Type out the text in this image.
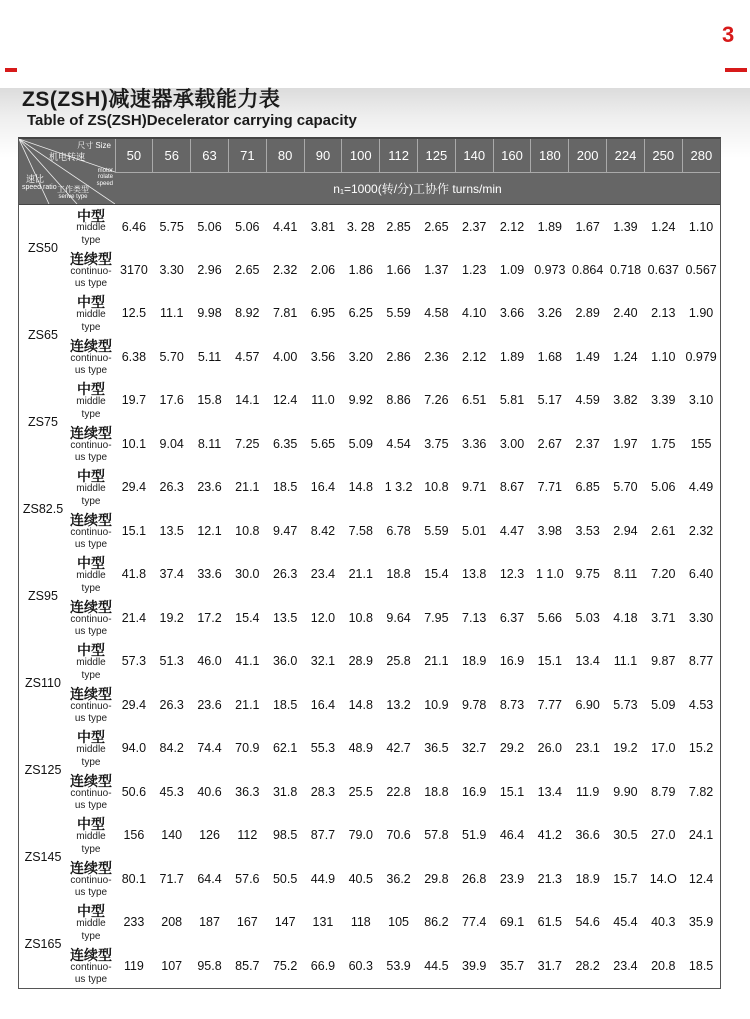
3
ZS(ZSH)减速器承载能力表
Table of ZS(ZSH)Decelerator carrying capacity
尺寸 Size
机电转速
motor rolate speed
速比
speed ratio 工作类型
serive type
	50	56	63	71	80	90	100	112	125	140	160	180	200	224	250	280
		n₁=1000(转/分)工协作 turns/min															
ZS50	中型
middle
type	6.46	5.75	5.06	5.06	4.41	3.81	3. 28	2.85	2.65	2.37	2.12	1.89	1.67	1.39	1.24	1.10

	连续型
continuo-
us type	3170	3.30	2.96	2.65	2.32	2.06	1.86	1.66	1.37	1.23	1.09	0.973	0.864	0.718	0.637	0.567
ZS65	中型
middle
type	12.5	11.1	9.98	8.92	7.81	6.95	6.25	5.59	4.58	4.10	3.66	3.26	2.89	2.40	2.13	1.90

	连续型
continuo-
us type	6.38	5.70	5.11	4.57	4.00	3.56	3.20	2.86	2.36	2.12	1.89	1.68	1.49	1.24	1.10	0.979
ZS75	中型
middle
type	19.7	17.6	15.8	14.1	12.4	11.0	9.92	8.86	7.26	6.51	5.81	5.17	4.59	3.82	3.39	3.10

	连续型
continuo-
us type	10.1	9.04	8.11	7.25	6.35	5.65	5.09	4.54	3.75	3.36	3.00	2.67	2.37	1.97	1.75	155
ZS82.5	中型
middle
type	29.4	26.3	23.6	21.1	18.5	16.4	14.8	1 3.2	10.8	9.71	8.67	7.71	6.85	5.70	5.06	4.49

	连续型
continuo-
us type	15.1	13.5	12.1	10.8	9.47	8.42	7.58	6.78	5.59	5.01	4.47	3.98	3.53	2.94	2.61	2.32
ZS95	中型
middle
type	41.8	37.4	33.6	30.0	26.3	23.4	21.1	18.8	15.4	13.8	12.3	1 1.0	9.75	8.11	7.20	6.40

	连续型
continuo-
us type	21.4	19.2	17.2	15.4	13.5	12.0	10.8	9.64	7.95	7.13	6.37	5.66	5.03	4.18	3.71	3.30
ZS110	中型
middle
type	57.3	51.3	46.0	41.1	36.0	32.1	28.9	25.8	21.1	18.9	16.9	15.1	13.4	11.1	9.87	8.77

	连续型
continuo-
us type	29.4	26.3	23.6	21.1	18.5	16.4	14.8	13.2	10.9	9.78	8.73	7.77	6.90	5.73	5.09	4.53
ZS125	中型
middle
type	94.0	84.2	74.4	70.9	62.1	55.3	48.9	42.7	36.5	32.7	29.2	26.0	23.1	19.2	17.0	15.2

	连续型
continuo-
us type	50.6	45.3	40.6	36.3	31.8	28.3	25.5	22.8	18.8	16.9	15.1	13.4	11.9	9.90	8.79	7.82
ZS145	中型
middle
type	156	140	126	112	98.5	87.7	79.0	70.6	57.8	51.9	46.4	41.2	36.6	30.5	27.0	24.1

	连续型
continuo-
us type	80.1	71.7	64.4	57.6	50.5	44.9	40.5	36.2	29.8	26.8	23.9	21.3	18.9	15.7	14.O	12.4
ZS165	中型
middle
type	233	208	187	167	147	131	118	105	86.2	77.4	69.1	61.5	54.6	45.4	40.3	35.9

	连续型
continuo-
us type	119	107	95.8	85.7	75.2	66.9	60.3	53.9	44.5	39.9	35.7	31.7	28.2	23.4	20.8	18.5
